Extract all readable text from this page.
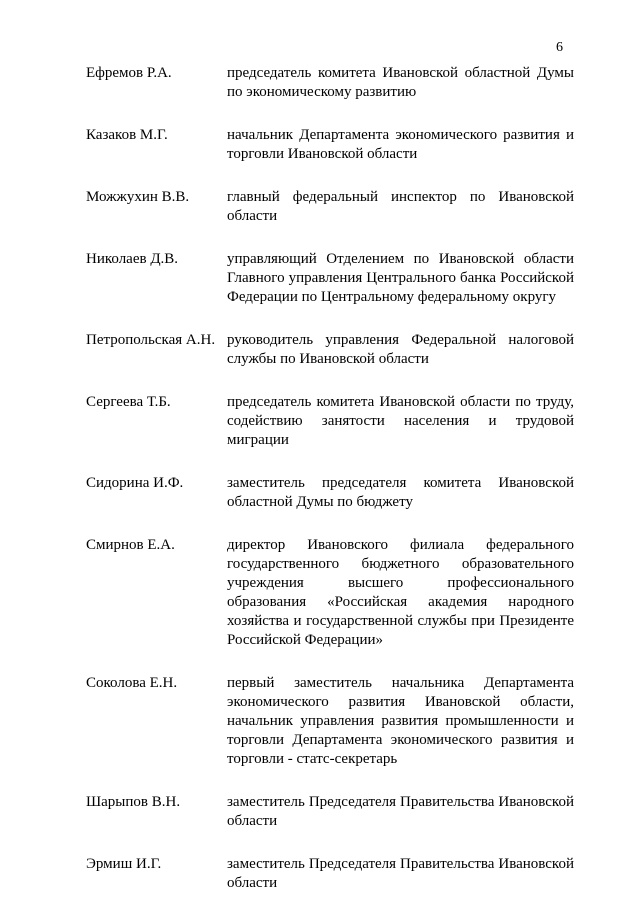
6
Ефремов Р.А.	председатель комитета Ивановской областной Думы по экономическому развитию
Казаков М.Г.	начальник Департамента экономического развития и торговли Ивановской области
Можжухин В.В.	главный федеральный инспектор по Ивановской области
Николаев Д.В.	управляющий Отделением по Ивановской области Главного управления Центрального банка Российской Федерации по Центральному федеральному округу
Петропольская А.Н. руководитель управления Федеральной налоговой службы по Ивановской области
Сергеева Т.Б.	председатель комитета Ивановской области по труду, содействию занятости населения и трудовой миграции
Сидорина И.Ф.	заместитель председателя комитета Ивановской областной Думы по бюджету
Смирнов Е.А.	директор Ивановского филиала федерального государственного бюджетного образовательного учреждения высшего профессионального образования «Российская академия народного хозяйства и государственной службы при Президенте Российской Федерации»
Соколова Е.Н.	первый заместитель начальника Департамента экономического развития Ивановской области, начальник управления развития промышленности и торговли Департамента экономического развития и торговли - статс-секретарь
Шарыпов В.Н.	заместитель Председателя Правительства Ивановской области
Эрмиш И.Г.	заместитель Председателя Правительства Ивановской области
